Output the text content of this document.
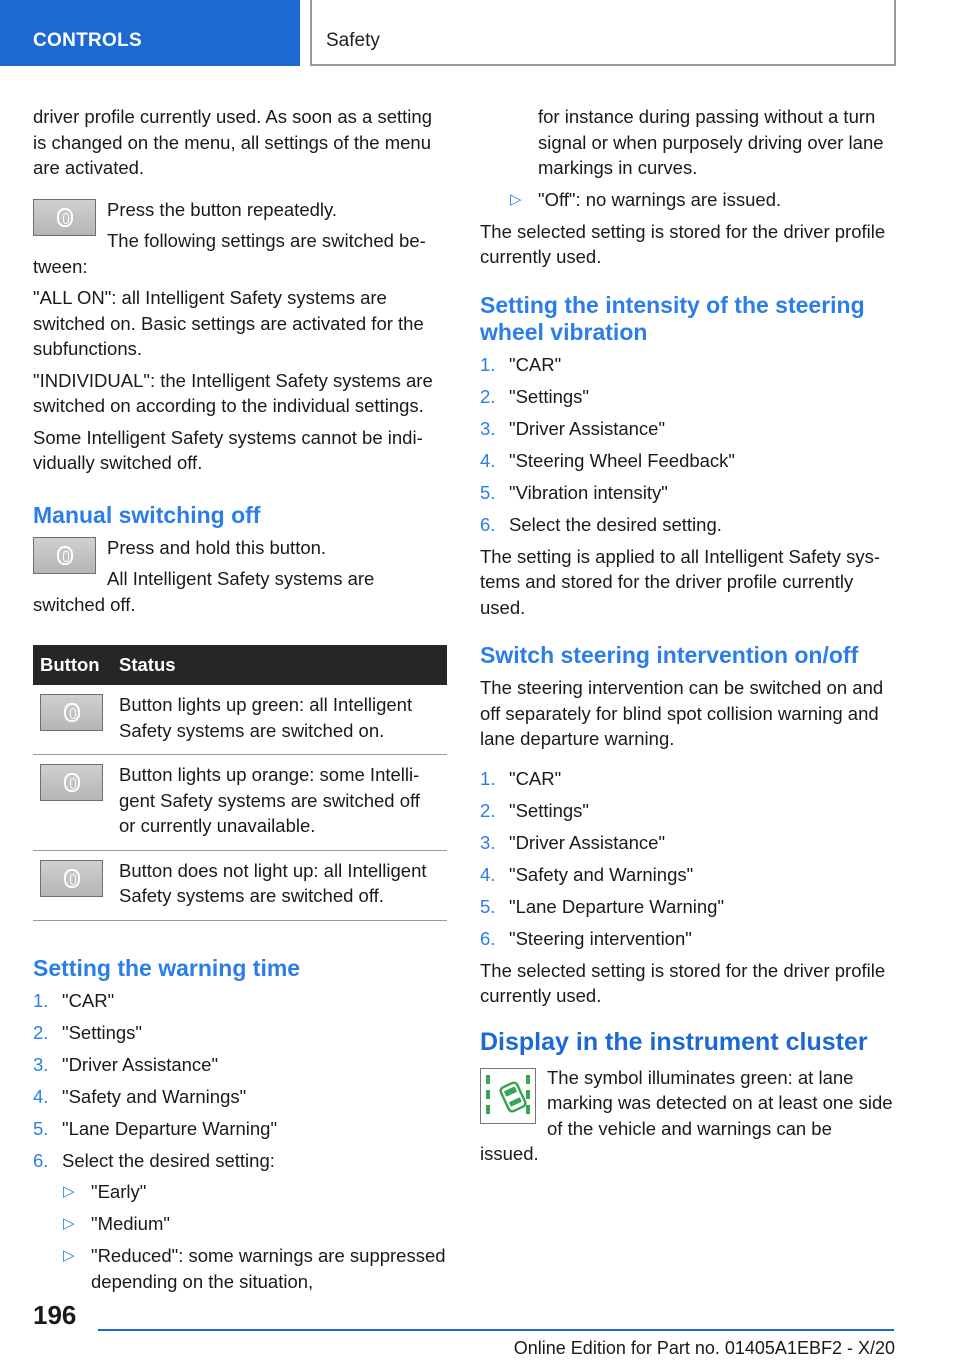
CONTROLS	Safety

driver profile currently used. As soon as a setting is changed on the menu, all settings of the menu are activated.

Press the button repeatedly.

The following settings are switched between:

"ALL ON": all Intelligent Safety systems are switched on. Basic settings are activated for the subfunctions.

"INDIVIDUAL": the Intelligent Safety systems are switched on according to the individual settings.

Some Intelligent Safety systems cannot be individually switched off.

Manual switching off

Press and hold this button.

All Intelligent Safety systems are switched off.

Button	Status

	Button lights up green: all Intelligent Safety systems are switched on.

	Button lights up orange: some Intelligent Safety systems are switched off or currently unavailable.

	Button does not light up: all Intelligent Safety systems are switched off.
Setting the warning time
1. "CAR"
2. "Settings"
3. "Driver Assistance"
4. "Safety and Warnings"
5. "Lane Departure Warning"
6. Select the desired setting:
▷ "Early"
▷ "Medium"
▷ "Reduced": some warnings are suppressed depending on the situation,

for instance during passing without a turn signal or when purposely driving over lane markings in curves.

▷ "Off": no warnings are issued.

The selected setting is stored for the driver profile currently used.

Setting the intensity of the steering wheel vibration
1. "CAR"
2. "Settings"
3. "Driver Assistance"
4. "Steering Wheel Feedback"
5. "Vibration intensity"
6. Select the desired setting.

The setting is applied to all Intelligent Safety systems and stored for the driver profile currently used.

Switch steering intervention on/off

The steering intervention can be switched on and off separately for blind spot collision warning and lane departure warning.

1. "CAR"
2. "Settings"
3. "Driver Assistance"
4. "Safety and Warnings"
5. "Lane Departure Warning"
6. "Steering intervention"

The selected setting is stored for the driver profile currently used.

Display in the instrument cluster

The symbol illuminates green: at lane marking was detected on at least one side of the vehicle and warnings can be issued.

196
Online Edition for Part no. 01405A1EBF2 - X/20
